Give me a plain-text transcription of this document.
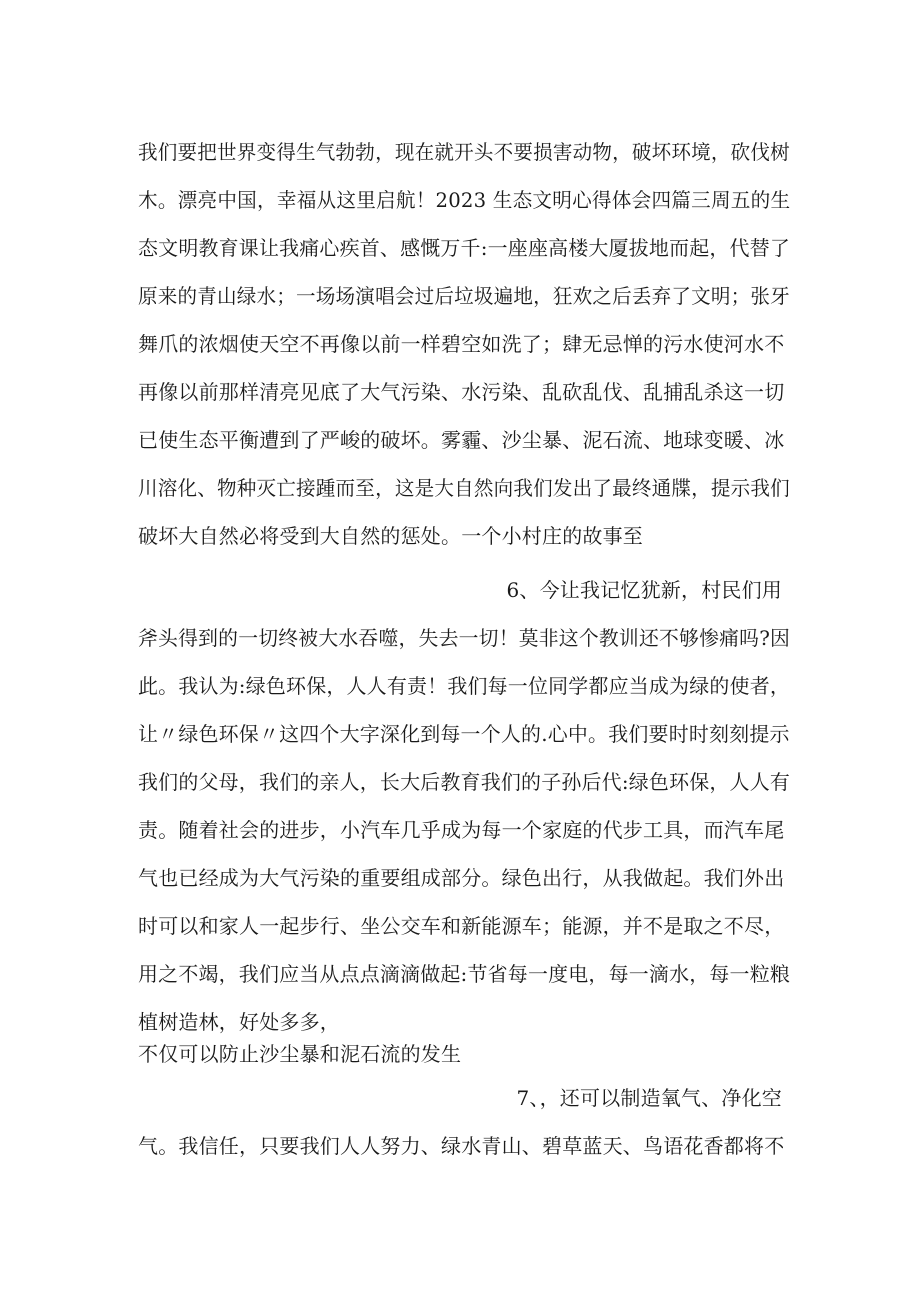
我们要把世界变得生气勃勃，现在就开头不要损害动物，破坏环境，砍伐树
木。漂亮中国，幸福从这里启航！2023 生态文明心得体会四篇三周五的生
态文明教育课让我痛心疾首、感慨万千:一座座高楼大厦拔地而起，代替了
原来的青山绿水；一场场演唱会过后垃圾遍地，狂欢之后丢弃了文明；张牙
舞爪的浓烟使天空不再像以前一样碧空如洗了；肆无忌惮的污水使河水不
再像以前那样清亮见底了大气污染、水污染、乱砍乱伐、乱捕乱杀这一切
已使生态平衡遭到了严峻的破坏。雾霾、沙尘暴、泥石流、地球变暖、冰
川溶化、物种灭亡接踵而至，这是大自然向我们发出了最终通牒，提示我们
破坏大自然必将受到大自然的惩处。一个小村庄的故事至
6、今让我记忆犹新，村民们用
斧头得到的一切终被大水吞噬，失去一切！莫非这个教训还不够惨痛吗?因
此。我认为:绿色环保，人人有责！我们每一位同学都应当成为绿的使者，
让〃绿色环保〃这四个大字深化到每一个人的.心中。我们要时时刻刻提示
我们的父母，我们的亲人，长大后教育我们的子孙后代:绿色环保，人人有
责。随着社会的进步，小汽车几乎成为每一个家庭的代步工具，而汽车尾
气也已经成为大气污染的重要组成部分。绿色出行，从我做起。我们外出
时可以和家人一起步行、坐公交车和新能源车；能源，并不是取之不尽，
用之不竭，我们应当从点点滴滴做起:节省每一度电，每一滴水，每一粒粮
植树造林，好处多多，
不仅可以防止沙尘暴和泥石流的发生
7、，还可以制造氧气、净化空
气。我信任，只要我们人人努力、绿水青山、碧草蓝天、鸟语花香都将不
